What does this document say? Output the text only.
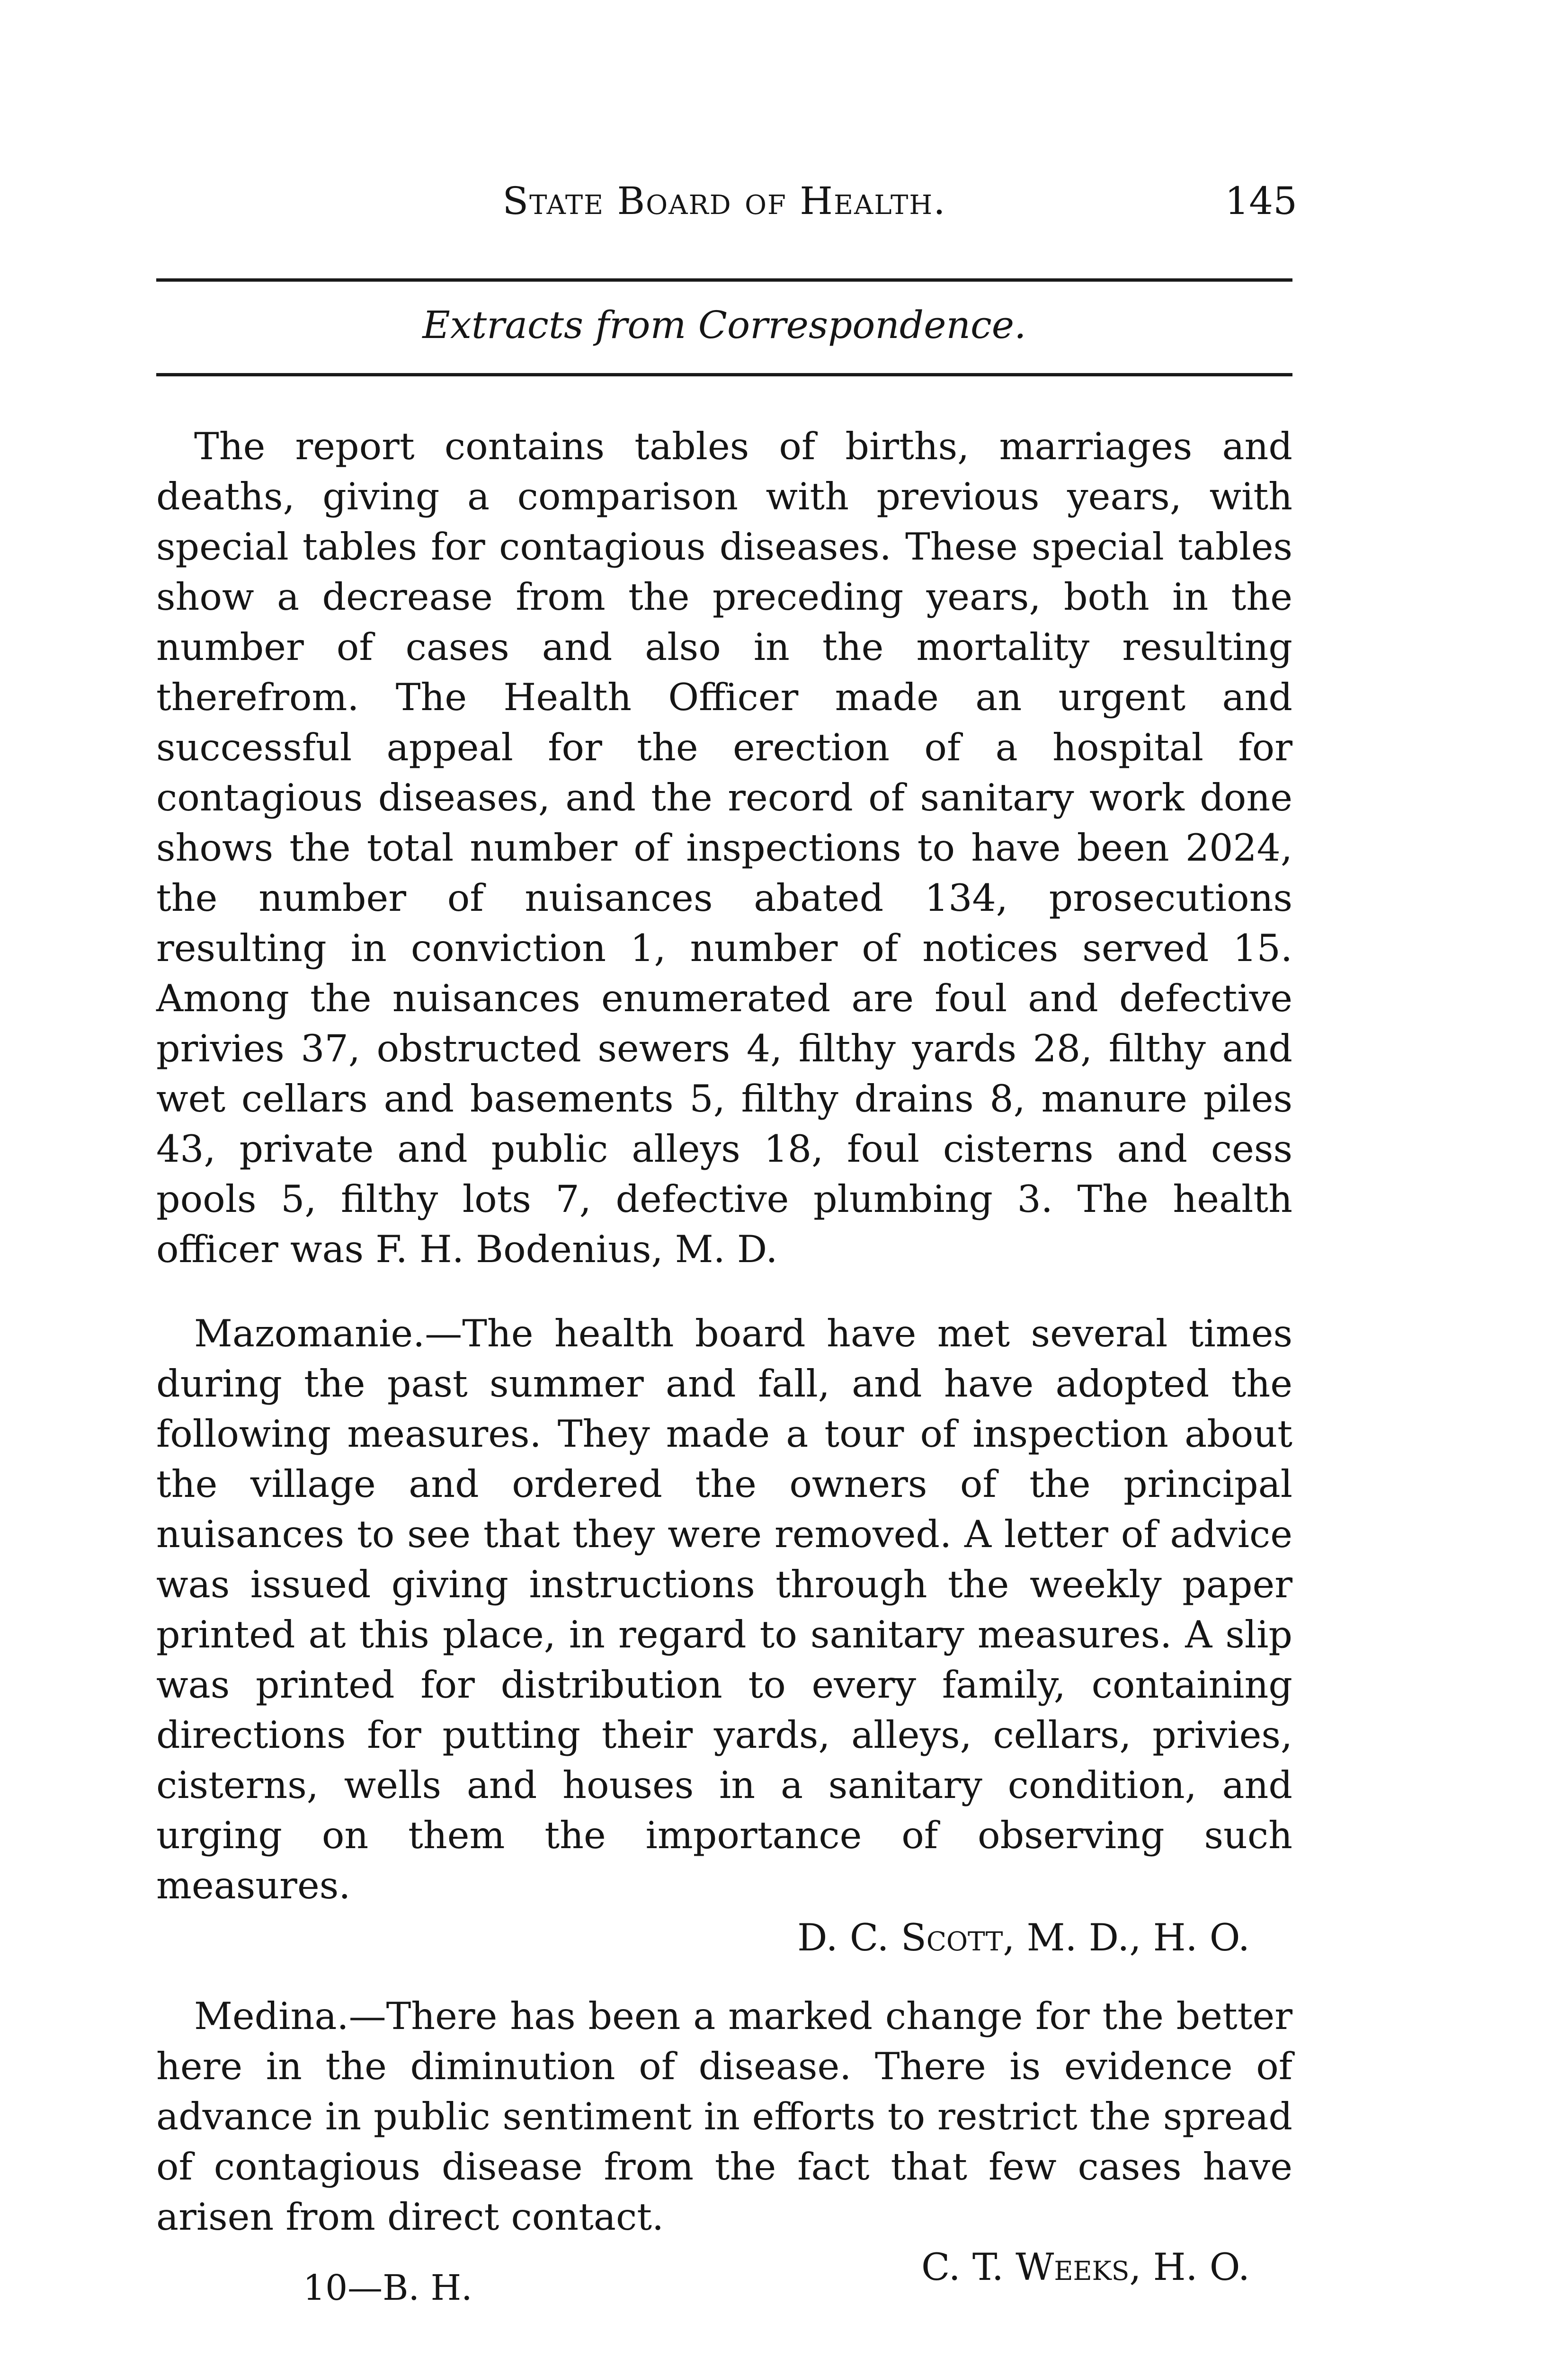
State Board of Health.	145
Extracts from Correspondence.

The report contains tables of births, marriages and deaths, giving a comparison with previous years, with special tables for contagious diseases. These special tables show a decrease from the preceding years, both in the number of cases and also in the mortality resulting therefrom. The Health Officer made an urgent and successful appeal for the erection of a hospital for contagious diseases, and the record of sanitary work done shows the total number of inspections to have been 2024, the number of nuisances abated 134, prosecutions resulting in conviction 1, number of notices served 15. Among the nuisances enumerated are foul and defective privies 37, obstructed sewers 4, filthy yards 28, filthy and wet cellars and basements 5, filthy drains 8, manure piles 43, private and public alleys 18, foul cisterns and cess pools 5, filthy lots 7, defective plumbing 3. The health officer was F. H. Bodenius, M. D.

Mazomanie.—The health board have met several times during the past summer and fall, and have adopted the following measures. They made a tour of inspection about the village and ordered the owners of the principal nuisances to see that they were removed. A letter of advice was issued giving instructions through the weekly paper printed at this place, in regard to sanitary measures. A slip was printed for distribution to every family, containing directions for putting their yards, alleys, cellars, privies, cisterns, wells and houses in a sanitary condition, and urging on them the importance of observing such measures.

D. C. Scott, M. D., H. O.

Medina.—There has been a marked change for the better here in the diminution of disease. There is evidence of advance in public sentiment in efforts to restrict the spread of contagious disease from the fact that few cases have arisen from direct contact.

C. T. Weeks, H. O.

10—B. H.
